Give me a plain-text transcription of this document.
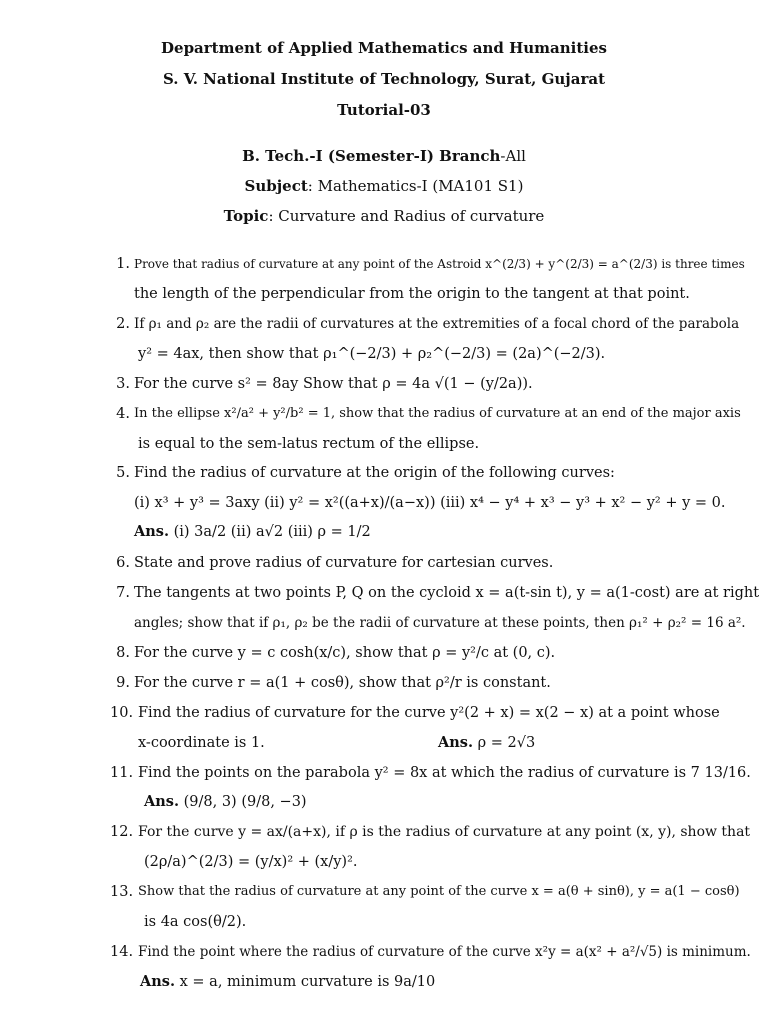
Department of Applied Mathematics and Humanities
S. V. National Institute of Technology, Surat, Gujarat
Tutorial-03
B. Tech.-I (Semester-I) Branch-All
Subject: Mathematics-I (MA101 S1)
Topic: Curvature and Radius of curvature
1. Prove that radius of curvature at any point of the Astroid x^(2/3) + y^(2/3) = a^(2/3) is three times
the length of the perpendicular from the origin to the tangent at that point.
2. If ρ₁ and ρ₂ are the radii of curvatures at the extremities of a focal chord of the parabola
y² = 4ax, then show that ρ₁^(−2/3) + ρ₂^(−2/3) = (2a)^(−2/3).
3. For the curve s² = 8ay Show that ρ = 4a √(1 − (y/2a)).
4. In the ellipse x²/a² + y²/b² = 1, show that the radius of curvature at an end of the major axis
is equal to the sem-latus rectum of the ellipse.
5. Find the radius of curvature at the origin of the following curves:
(i) x³ + y³ = 3axy (ii) y² = x²((a+x)/(a−x)) (iii) x⁴ − y⁴ + x³ − y³ + x² − y² + y = 0.
Ans. (i) 3a/2 (ii) a√2 (iii) ρ = 1/2
6. State and prove radius of curvature for cartesian curves.
7. The tangents at two points P, Q on the cycloid x = a(t-sin t), y = a(1-cost) are at right
angles; show that if ρ₁, ρ₂ be the radii of curvature at these points, then ρ₁² + ρ₂² = 16 a².
8. For the curve y = c cosh(x/c), show that ρ = y²/c at (0, c).
9. For the curve r = a(1 + cosθ), show that ρ²/r is constant.
10. Find the radius of curvature for the curve y²(2 + x) = x(2 − x) at a point whose
x-coordinate is 1.	Ans. ρ = 2√3
11. Find the points on the parabola y² = 8x at which the radius of curvature is 7 13/16.
Ans. (9/8, 3) (9/8, −3)
12. For the curve y = ax/(a+x), if ρ is the radius of curvature at any point (x, y), show that
(2ρ/a)^(2/3) = (y/x)² + (x/y)².
13. Show that the radius of curvature at any point of the curve x = a(θ + sinθ), y = a(1 − cosθ)
is 4a cos(θ/2).
14. Find the point where the radius of curvature of the curve x²y = a(x² + a²/√5) is minimum.
Ans. x = a, minimum curvature is 9a/10
